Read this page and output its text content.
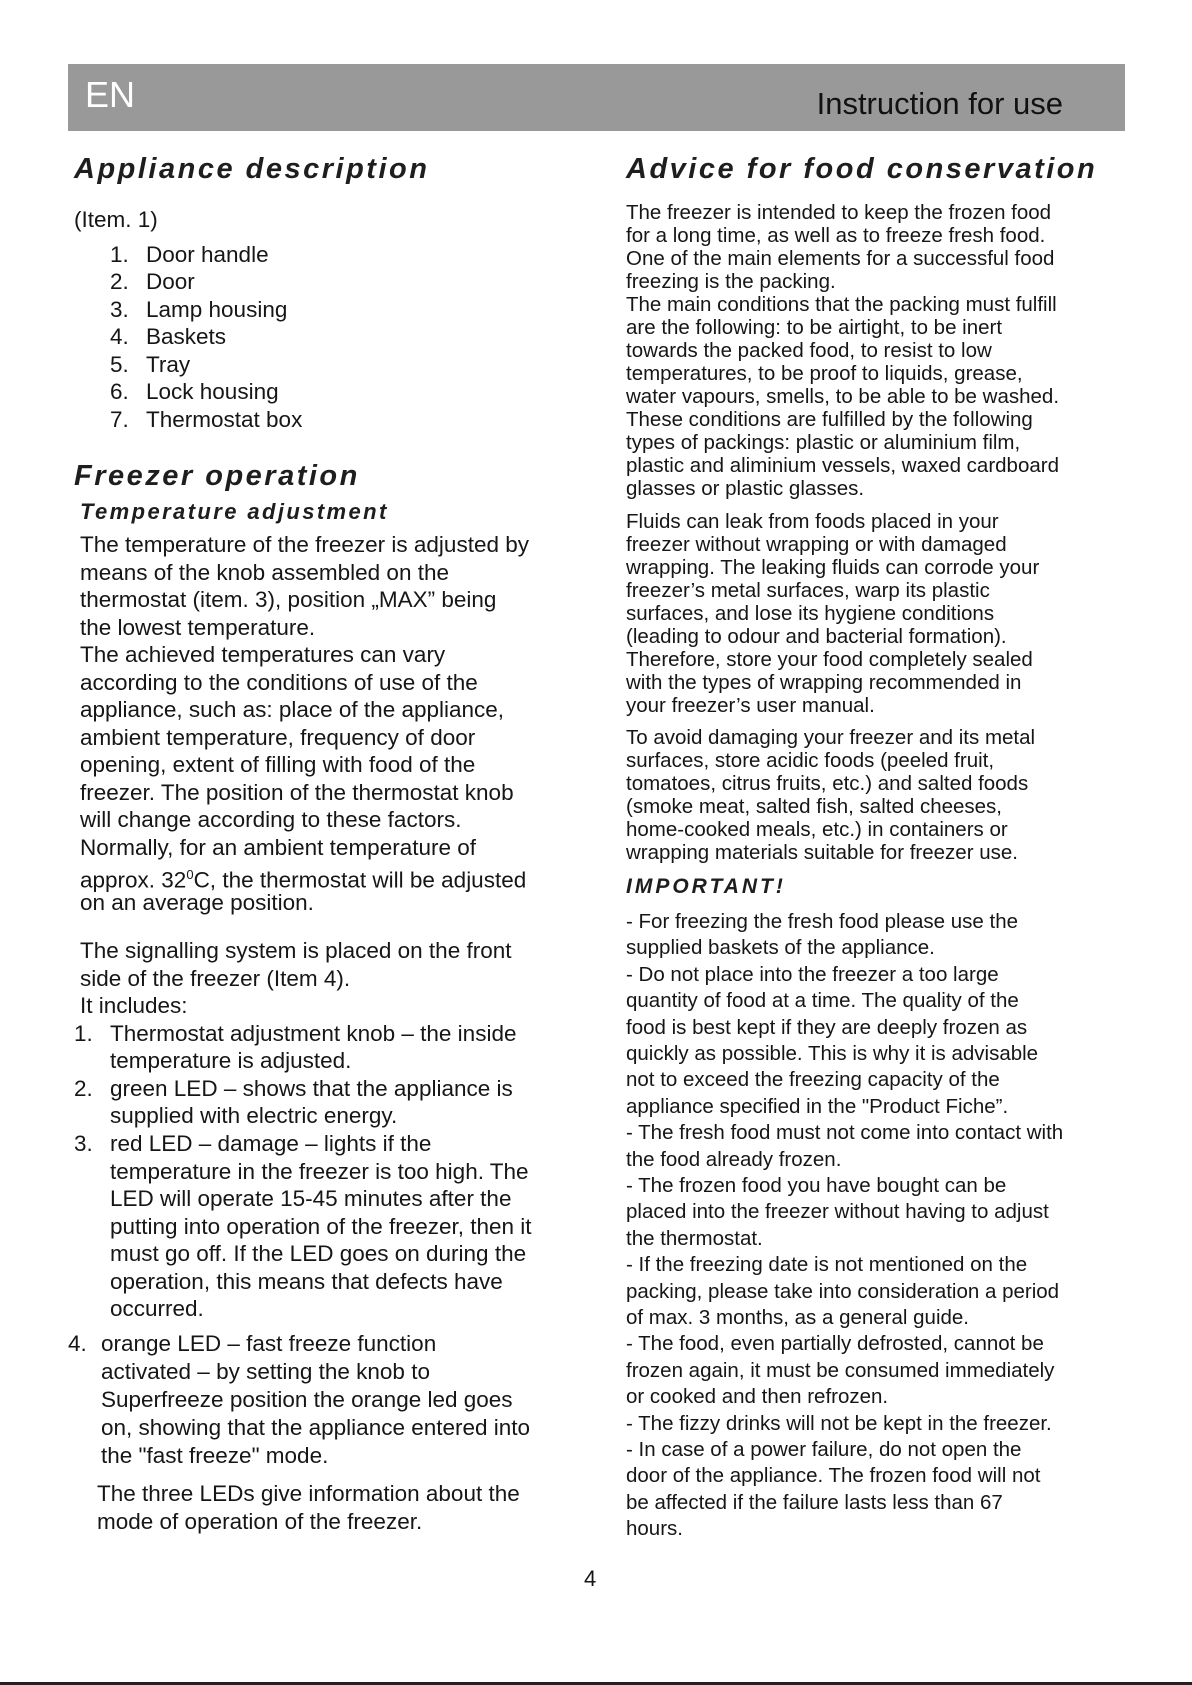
EN	Instruction for use
Appliance description
(Item. 1)
1. Door handle
2. Door
3. Lamp housing
4. Baskets
5. Tray
6. Lock housing
7. Thermostat box
Freezer operation
Temperature adjustment
The temperature of the freezer is adjusted by
means of the knob assembled on the
thermostat (item. 3), position „MAX” being
the lowest temperature.
The achieved temperatures can vary
according to the conditions of use of the
appliance, such as: place of the appliance,
ambient temperature, frequency of door
opening, extent of filling with food of the
freezer. The position of the thermostat knob
will change according to these factors.
Normally, for an ambient temperature of
approx. $32^0C$, the thermostat will be adjusted
on an average position.
The signalling system is placed on the front
side of the freezer (Item 4).
It includes:
1. Thermostat adjustment knob – the inside
temperature is adjusted.
2. green LED – shows that the appliance is
supplied with electric energy.
3. red LED – damage – lights if the
temperature in the freezer is too high. The
LED will operate 15-45 minutes after the
putting into operation of the freezer, then it
must go off. If the LED goes on during the
operation, this means that defects have
occurred.
4. orange LED – fast freeze function
activated – by setting the knob to
Superfreeze position the orange led goes
on, showing that the appliance entered into
the "fast freeze" mode.
The three LEDs give information about the
mode of operation of the freezer.
Advice for food conservation
The freezer is intended to keep the frozen food
for a long time, as well as to freeze fresh food.
One of the main elements for a successful food
freezing is the packing.
The main conditions that the packing must fulfill
are the following: to be airtight, to be inert
towards the packed food, to resist to low
temperatures, to be proof to liquids, grease,
water vapours, smells, to be able to be washed.
These conditions are fulfilled by the following
types of packings: plastic or aluminium film,
plastic and aliminium vessels, waxed cardboard
glasses or plastic glasses.
Fluids can leak from foods placed in your
freezer without wrapping or with damaged
wrapping. The leaking fluids can corrode your
freezer’s metal surfaces, warp its plastic
surfaces, and lose its hygiene conditions
(leading to odour and bacterial formation).
Therefore, store your food completely sealed
with the types of wrapping recommended in
your freezer’s user manual.
To avoid damaging your freezer and its metal
surfaces, store acidic foods (peeled fruit,
tomatoes, citrus fruits, etc.) and salted foods
(smoke meat, salted fish, salted cheeses,
home-cooked meals, etc.) in containers or
wrapping materials suitable for freezer use.
IMPORTANT!
- For freezing the fresh food please use the
supplied baskets of the appliance.
- Do not place into the freezer a too large
quantity of food at a time. The quality of the
food is best kept if they are deeply frozen as
quickly as possible. This is why it is advisable
not to exceed the freezing capacity of the
appliance specified in the "Product Fiche”.
- The fresh food must not come into contact with
the food already frozen.
- The frozen food you have bought can be
placed into the freezer without having to adjust
the thermostat.
- If the freezing date is not mentioned on the
packing, please take into consideration a period
of max. 3 months, as a general guide.
- The food, even partially defrosted, cannot be
frozen again, it must be consumed immediately
or cooked and then refrozen.
- The fizzy drinks will not be kept in the freezer.
- In case of a power failure, do not open the
door of the appliance. The frozen food will not
be affected if the failure lasts less than 67
hours.
4
